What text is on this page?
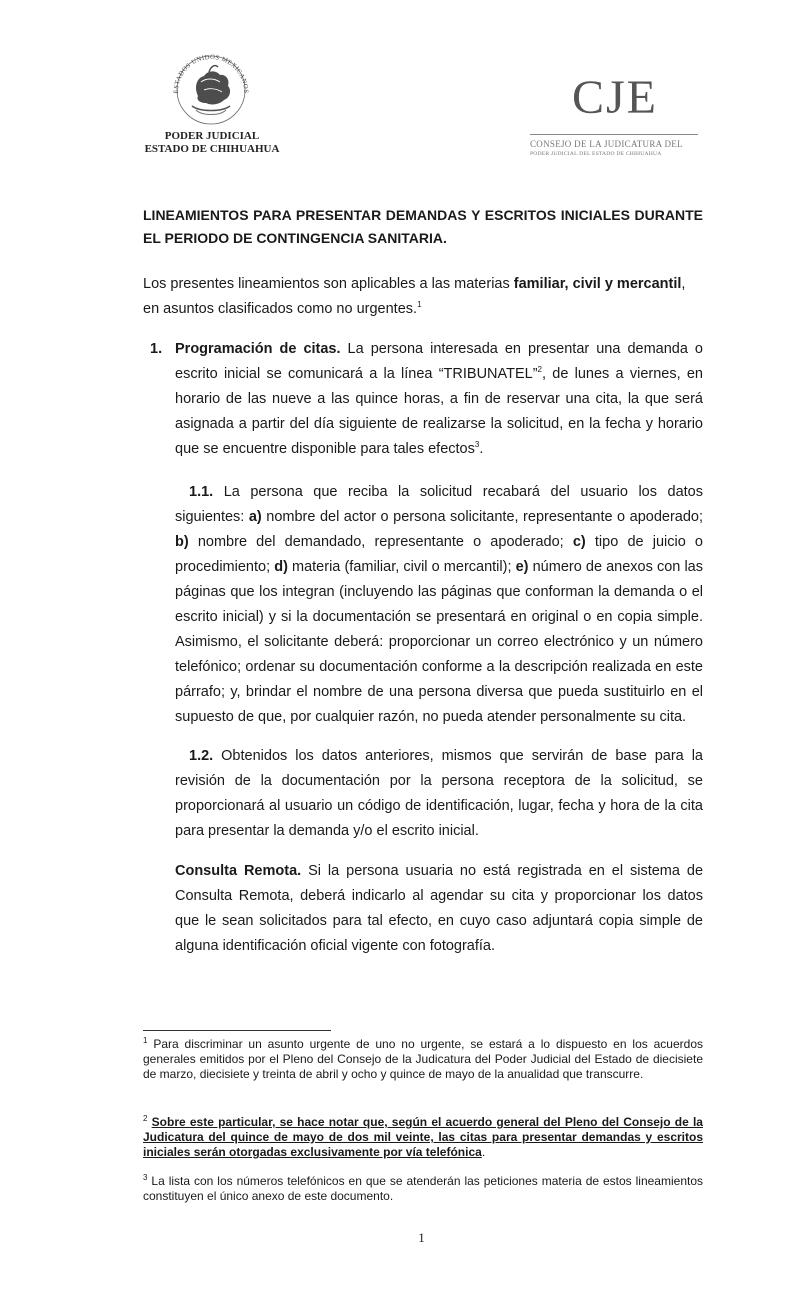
ESTADOS UNIDOS MEXICANOS
PODER JUDICIAL
ESTADO DE CHIHUAHUA
CJE
CONSEJO DE LA JUDICATURA DEL
PODER JUDICIAL DEL ESTADO DE CHIHUAHUA
LINEAMIENTOS PARA PRESENTAR DEMANDAS Y ESCRITOS INICIALES DURANTE EL PERIODO DE CONTINGENCIA SANITARIA.
Los presentes lineamientos son aplicables a las materias familiar, civil y mercantil, en asuntos clasificados como no urgentes.$^1$
1. Programación de citas. La persona interesada en presentar una demanda o escrito inicial se comunicará a la línea “TRIBUNATEL”$^2$, de lunes a viernes, en horario de las nueve a las quince horas, a fin de reservar una cita, la que será asignada a partir del día siguiente de realizarse la solicitud, en la fecha y horario que se encuentre disponible para tales efectos$^3$.
1.1. La persona que reciba la solicitud recabará del usuario los datos siguientes: a) nombre del actor o persona solicitante, representante o apoderado; b) nombre del demandado, representante o apoderado; c) tipo de juicio o procedimiento; d) materia (familiar, civil o mercantil); e) número de anexos con las páginas que los integran (incluyendo las páginas que conforman la demanda o el escrito inicial) y si la documentación se presentará en original o en copia simple. Asimismo, el solicitante deberá: proporcionar un correo electrónico y un número telefónico; ordenar su documentación conforme a la descripción realizada en este párrafo; y, brindar el nombre de una persona diversa que pueda sustituirlo en el supuesto de que, por cualquier razón, no pueda atender personalmente su cita.
1.2. Obtenidos los datos anteriores, mismos que servirán de base para la revisión de la documentación por la persona receptora de la solicitud, se proporcionará al usuario un código de identificación, lugar, fecha y hora de la cita para presentar la demanda y/o el escrito inicial.
Consulta Remota. Si la persona usuaria no está registrada en el sistema de Consulta Remota, deberá indicarlo al agendar su cita y proporcionar los datos que le sean solicitados para tal efecto, en cuyo caso adjuntará copia simple de alguna identificación oficial vigente con fotografía.
$^1$ Para discriminar un asunto urgente de uno no urgente, se estará a lo dispuesto en los acuerdos generales emitidos por el Pleno del Consejo de la Judicatura del Poder Judicial del Estado de diecisiete de marzo, diecisiete y treinta de abril y ocho y quince de mayo de la anualidad que transcurre.
$^2$ Sobre este particular, se hace notar que, según el acuerdo general del Pleno del Consejo de la Judicatura del quince de mayo de dos mil veinte, las citas para presentar demandas y escritos iniciales serán otorgadas exclusivamente por vía telefónica.
$^3$ La lista con los números telefónicos en que se atenderán las peticiones materia de estos lineamientos constituyen el único anexo de este documento.
1
